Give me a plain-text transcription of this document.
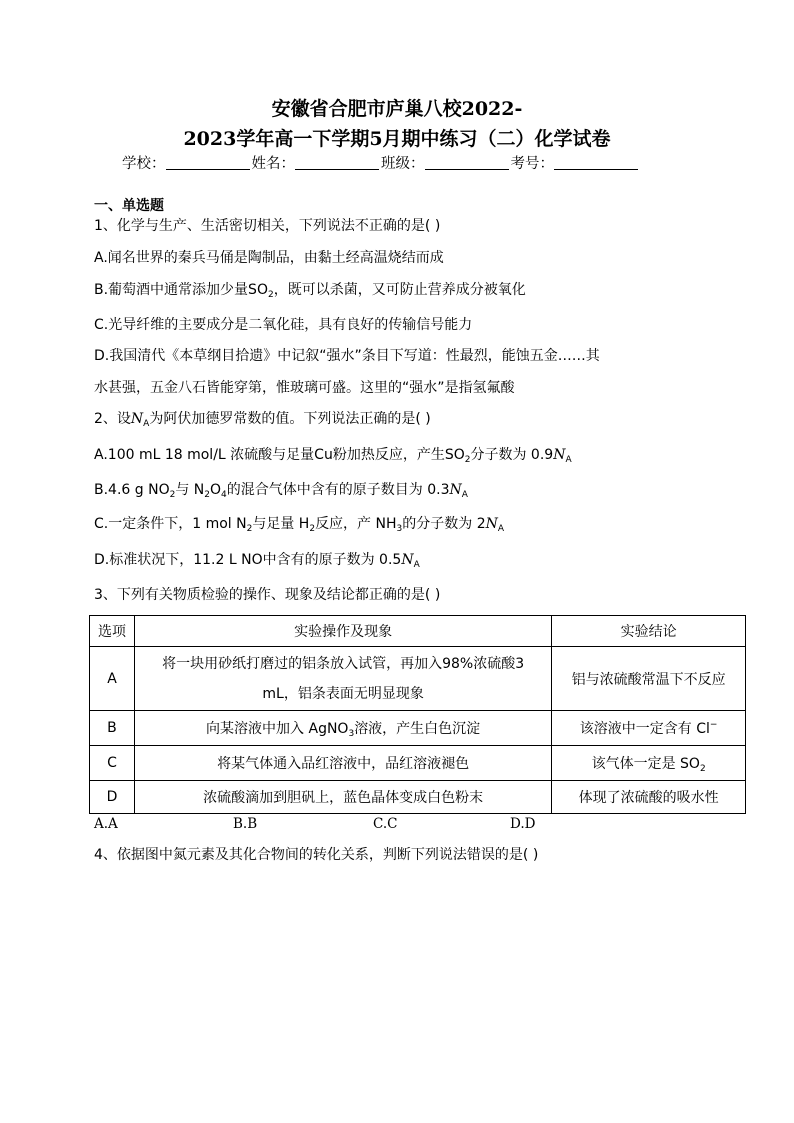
安徽省合肥市庐巢八校2022-
2023学年高一下学期5月期中练习（二）化学试卷
学校：	姓名：	班级：	考号：
一、单选题
1、化学与生产、生活密切相关，下列说法不正确的是( )
A.闻名世界的秦兵马俑是陶制品，由黏土经高温烧结而成
B.葡萄酒中通常添加少量$SO_2$，既可以杀菌，又可防止营养成分被氧化
C.光导纤维的主要成分是二氧化硅，具有良好的传输信号能力
D.我国清代《本草纲目拾遗》中记叙“强水”条目下写道：性最烈，能蚀五金……其
水甚强，五金八石皆能穿第，惟玻璃可盛。这里的“强水”是指氢氟酸
2、设$N_A$为阿伏加德罗常数的值。下列说法正确的是( )
A.100 mL 18 mol/L 浓硫酸与足量Cu粉加热反应，产生$SO_2$分子数为 $0.9N_A$
B.4.6 g $NO_2$与 $N_2O_4$的混合气体中含有的原子数目为 $0.3N_A$
C.一定条件下，1 mol $N_2$与足量 $H_2$反应，产 $NH_3$的分子数为 $2N_A$
D.标准状况下，11.2 L NO中含有的原子数为 $0.5N_A$
3、下列有关物质检验的操作、现象及结论都正确的是( )
选项	实验操作及现象	实验结论
A	将一块用砂纸打磨过的铝条放入试管，再加入98%浓硫酸3
mL，铝条表面无明显现象	铝与浓硫酸常温下不反应
B	向某溶液中加入 AgNO$_3$溶液，产生白色沉淀	该溶液中一定含有 Cl−
C	将某气体通入品红溶液中，品红溶液褪色	该气体一定是 $SO_2$
D	浓硫酸滴加到胆矾上，蓝色晶体变成白色粉末	体现了浓硫酸的吸水性
A.A	B.B	C.C	D.D
4、依据图中氮元素及其化合物间的转化关系，判断下列说法错误的是( )
